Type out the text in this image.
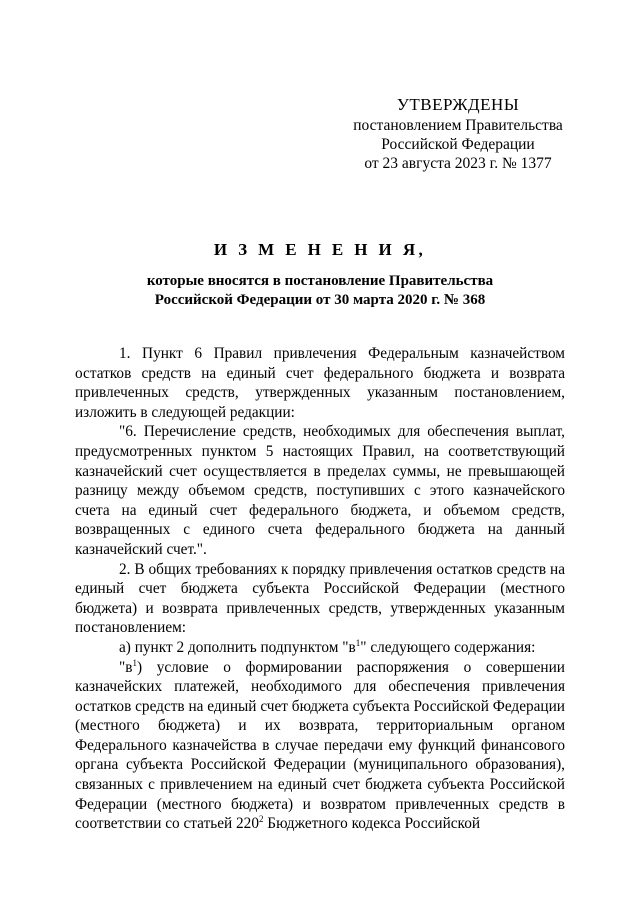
УТВЕРЖДЕНЫ
постановлением Правительства
Российской Федерации
от 23 августа 2023 г. № 1377
И З М Е Н Е Н И Я,
которые вносятся в постановление Правительства
Российской Федерации от 30 марта 2020 г. № 368

1. Пункт 6 Правил привлечения Федеральным казначейством остатков средств на единый счет федерального бюджета и возврата привлеченных средств, утвержденных указанным постановлением, изложить в следующей редакции:

"6. Перечисление средств, необходимых для обеспечения выплат, предусмотренных пунктом 5 настоящих Правил, на соответствующий казначейский счет осуществляется в пределах суммы, не превышающей разницу между объемом средств, поступивших с этого казначейского счета на единый счет федерального бюджета, и объемом средств, возвращенных с единого счета федерального бюджета на данный казначейский счет.".

2. В общих требованиях к порядку привлечения остатков средств на единый счет бюджета субъекта Российской Федерации (местного бюджета) и возврата привлеченных средств, утвержденных указанным постановлением:

а) пункт 2 дополнить подпунктом "$в^1$" следующего содержания:

"$в^1$) условие о формировании распоряжения о совершении казначейских платежей, необходимого для обеспечения привлечения остатков средств на единый счет бюджета субъекта Российской Федерации (местного бюджета) и их возврата, территориальным органом Федерального казначейства в случае передачи ему функций финансового органа субъекта Российской Федерации (муниципального образования), связанных с привлечением на единый счет бюджета субъекта Российской Федерации (местного бюджета) и возвратом привлеченных средств в соответствии со статьей $220^2$ Бюджетного кодекса Российской
